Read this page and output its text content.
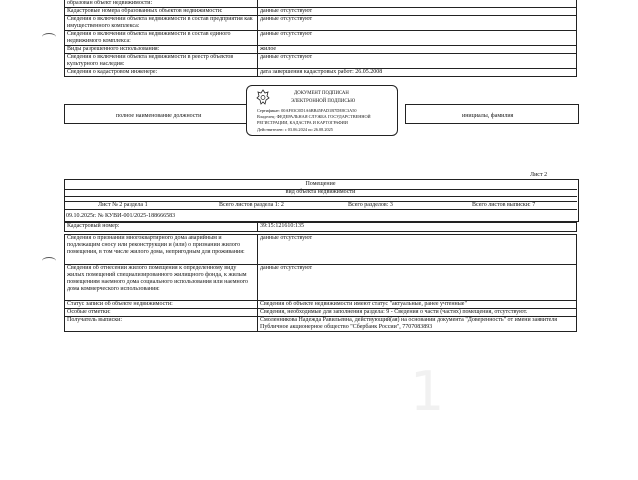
1
образован объект недвижимости:	
Кадастровые номера образованных объектов недвижимости:	данные отсутствуют
Сведения о включении объекта недвижимости в состав предприятия как имущественного комплекса:	данные отсутствуют
Сведения о включении объекта недвижимости в состав единого недвижимого комплекса:	данные отсутствуют
Виды разрешенного использования:	жилое
Сведения о включении объекта недвижимости в реестр объектов культурного наследия:	данные отсутствуют
Сведения о кадастровом инженере:	дата завершения кадастровых работ: 26.05.2008
полное наименование должности	инициалы, фамилия
ДОКУМЕНТ ПОДПИСАН
ЭЛЕКТРОННОЙ ПОДПИСЬЮ
Сертификат: 00AF03C0D1A6BB45FAD1B7DE8C3A50
Владелец: ФЕДЕРАЛЬНАЯ СЛУЖБА ГОСУДАРСТВЕННОЙ
РЕГИСТРАЦИИ, КАДАСТРА И КАРТОГРАФИИ
Действителен: с 03.06.2024 по 26.08.2025
Лист 2
Помещение
вид объекта недвижимости
Лист № 2 раздела 1	Всего листов раздела 1: 2	Всего разделов: 3	Всего листов выписки: 7
09.10.2025г. № КУВИ-001/2025-188666583
Кадастровый номер:	39:15:121610:135
Сведения о признании многоквартирного дома аварийным и подлежащим сносу или реконструкции и (или) о признании жилого помещения, в том числе жилого дома, непригодным для проживания:	данные отсутствуют
Сведения об отнесении жилого помещения к определенному виду жилых помещений специализированного жилищного фонда, к жилым помещениям наемного дома социального использования или наемного дома коммерческого использования:	данные отсутствуют
Статус записи об объекте недвижимости:	Сведения об объекте недвижимости имеют статус "актуальные, ранее учтенные"
Особые отметки:	Сведения, необходимые для заполнения раздела: 9 - Сведения о части (частях) помещения, отсутствуют.
Получатель выписки:	Смоленникова Надежда Равильевна, действующий(ая) на основании документа "Доверенность" от имени заявителя Публичное акционерное общество "Сбербанк России", 7707083893
